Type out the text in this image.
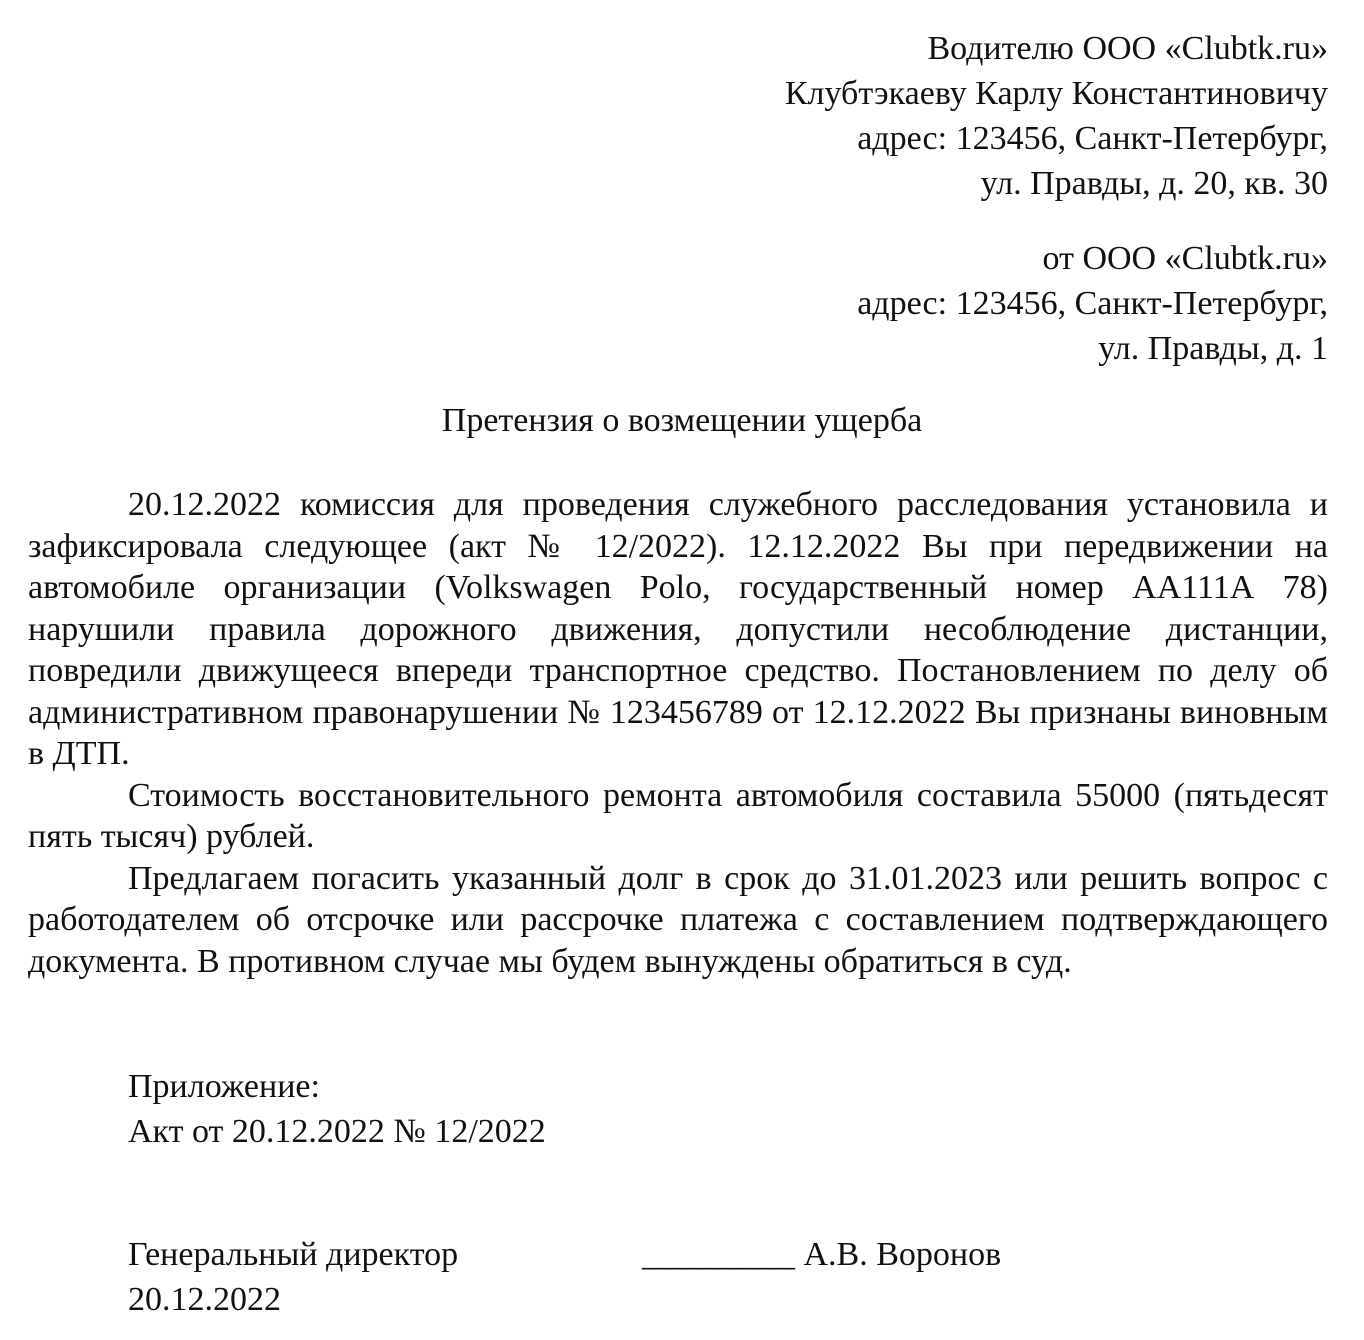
Водителю ООО «Clubtk.ru»
Клубтэкаеву Карлу Константиновичу
адрес: 123456, Санкт-Петербург,
ул. Правды, д. 20, кв. 30
от ООО «Clubtk.ru»
адрес: 123456, Санкт-Петербург,
ул. Правды, д. 1
Претензия о возмещении ущерба

20.12.2022 комиссия для проведения служебного расследования установила и зафиксировала следующее (акт № 12/2022). 12.12.2022 Вы при передвижении на автомобиле организации (Volkswagen Polo, государственный номер АА111А 78) нарушили правила дорожного движения, допустили несоблюдение дистанции, повредили движущееся впереди транспортное средство. Постановлением по делу об административном правонарушении № 123456789 от 12.12.2022 Вы признаны виновным в ДТП.

Стоимость восстановительного ремонта автомобиля составила 55000 (пятьдесят пять тысяч) рублей.

Предлагаем погасить указанный долг в срок до 31.01.2023 или решить вопрос с работодателем об отсрочке или рассрочке платежа с составлением подтверждающего документа. В противном случае мы будем вынуждены обратиться в суд.

Приложение:
Акт от 20.12.2022 № 12/2022
Генеральный директор	_________ А.В. Воронов
20.12.2022
